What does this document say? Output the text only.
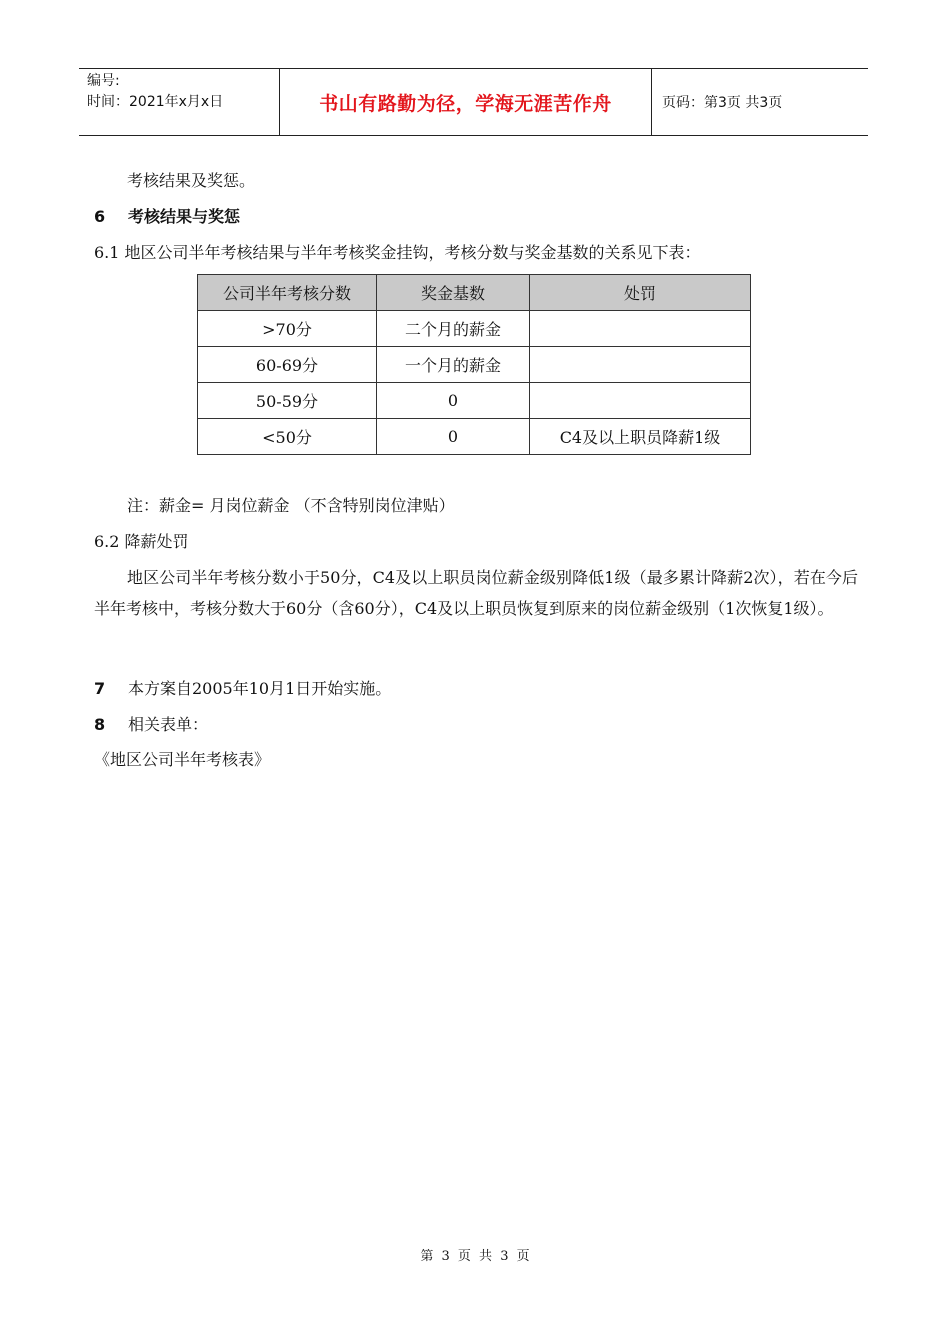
编号:
时间：2021年x月x日	书山有路勤为径，学海无涯苦作舟	页码：第3页 共3页
考核结果及奖惩。
6 考核结果与奖惩
6.1 地区公司半年考核结果与半年考核奖金挂钩，考核分数与奖金基数的关系见下表：
公司半年考核分数	奖金基数	处罚
>70分	二个月的薪金	
60-69分	一个月的薪金	
50-59分	0	
<50分	0	C4及以上职员降薪1级
注：薪金= 月岗位薪金 （不含特别岗位津贴）
6.2 降薪处罚
地区公司半年考核分数小于50分，C4及以上职员岗位薪金级别降低1级（最多累计降薪2次），若在今后半年考核中，考核分数大于60分（含60分），C4及以上职员恢复到原来的岗位薪金级别（1次恢复1级）。
7 本方案自2005年10月1日开始实施。
8 相关表单：
《地区公司半年考核表》
第 3 页 共 3 页
